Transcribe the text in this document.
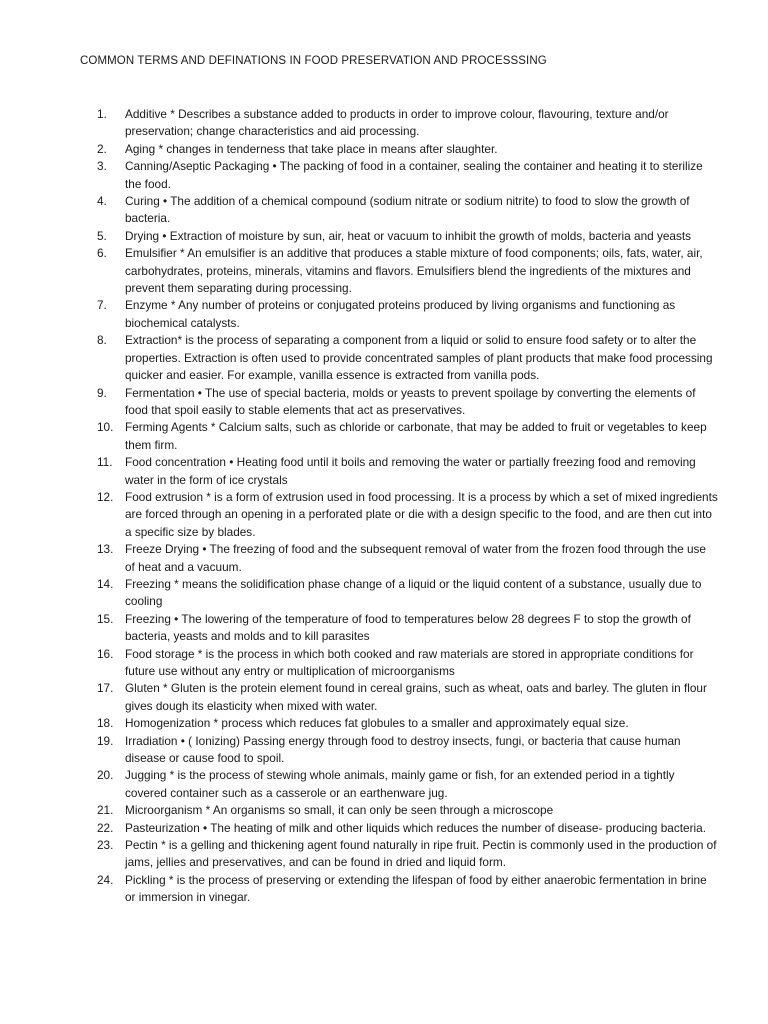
COMMON TERMS AND DEFINATIONS IN FOOD PRESERVATION AND PROCESSSING
1.	Additive * Describes a substance added to products in order to improve colour, flavouring, texture and/or preservation; change characteristics and aid processing.
2.	Aging * changes in tenderness that take place in means after slaughter.
3.	Canning/Aseptic Packaging • The packing of food in a container, sealing the container and heating it to sterilize the food.
4.	Curing • The addition of a chemical compound (sodium nitrate or sodium nitrite) to food to slow the growth of bacteria.
5.	Drying • Extraction of moisture by sun, air, heat or vacuum to inhibit the growth of molds, bacteria and yeasts
6.	Emulsifier * An emulsifier is an additive that produces a stable mixture of food components; oils, fats, water, air, carbohydrates, proteins, minerals, vitamins and flavors. Emulsifiers blend the ingredients of the mixtures and prevent them separating during processing.
7.	Enzyme * Any number of proteins or conjugated proteins produced by living organisms and functioning as biochemical catalysts.
8.	Extraction* is the process of separating a component from a liquid or solid to ensure food safety or to alter the properties. Extraction is often used to provide concentrated samples of plant products that make food processing quicker and easier. For example, vanilla essence is extracted from vanilla pods.
9.	Fermentation • The use of special bacteria, molds or yeasts to prevent spoilage by converting the elements of food that spoil easily to stable elements that act as preservatives.
10. Ferming Agents * Calcium salts, such as chloride or carbonate, that may be added to fruit or vegetables to keep them firm.
11.	Food concentration • Heating food until it boils and removing the water or partially freezing food and removing water in the form of ice crystals
12. Food extrusion * is a form of extrusion used in food processing. It is a process by which a set of mixed ingredients are forced through an opening in a perforated plate or die with a design specific to the food, and are then cut into a specific size by blades.
13. Freeze Drying • The freezing of food and the subsequent removal of water from the frozen food through the use of heat and a vacuum.
14. Freezing * means the solidification phase change of a liquid or the liquid content of a substance, usually due to cooling
15. Freezing • The lowering of the temperature of food to temperatures below 28 degrees F to stop the growth of bacteria, yeasts and molds and to kill parasites
16. Food storage * is the process in which both cooked and raw materials are stored in appropriate conditions for future use without any entry or multiplication of microorganisms
17. Gluten * Gluten is the protein element found in cereal grains, such as wheat, oats and barley. The gluten in flour gives dough its elasticity when mixed with water.
18. Homogenization * process which reduces fat globules to a smaller and approximately equal size.
19. Irradiation • ( Ionizing) Passing energy through food to destroy insects, fungi, or bacteria that cause human disease or cause food to spoil.
20. Jugging * is the process of stewing whole animals, mainly game or fish, for an extended period in a tightly covered container such as a casserole or an earthenware jug.
21. Microorganism * An organisms so small, it can only be seen through a microscope
22. Pasteurization • The heating of milk and other liquids which reduces the number of disease- producing bacteria.
23. Pectin * is a gelling and thickening agent found naturally in ripe fruit. Pectin is commonly used in the production of jams, jellies and preservatives, and can be found in dried and liquid form.
24. Pickling * is the process of preserving or extending the lifespan of food by either anaerobic fermentation in brine or immersion in vinegar.
